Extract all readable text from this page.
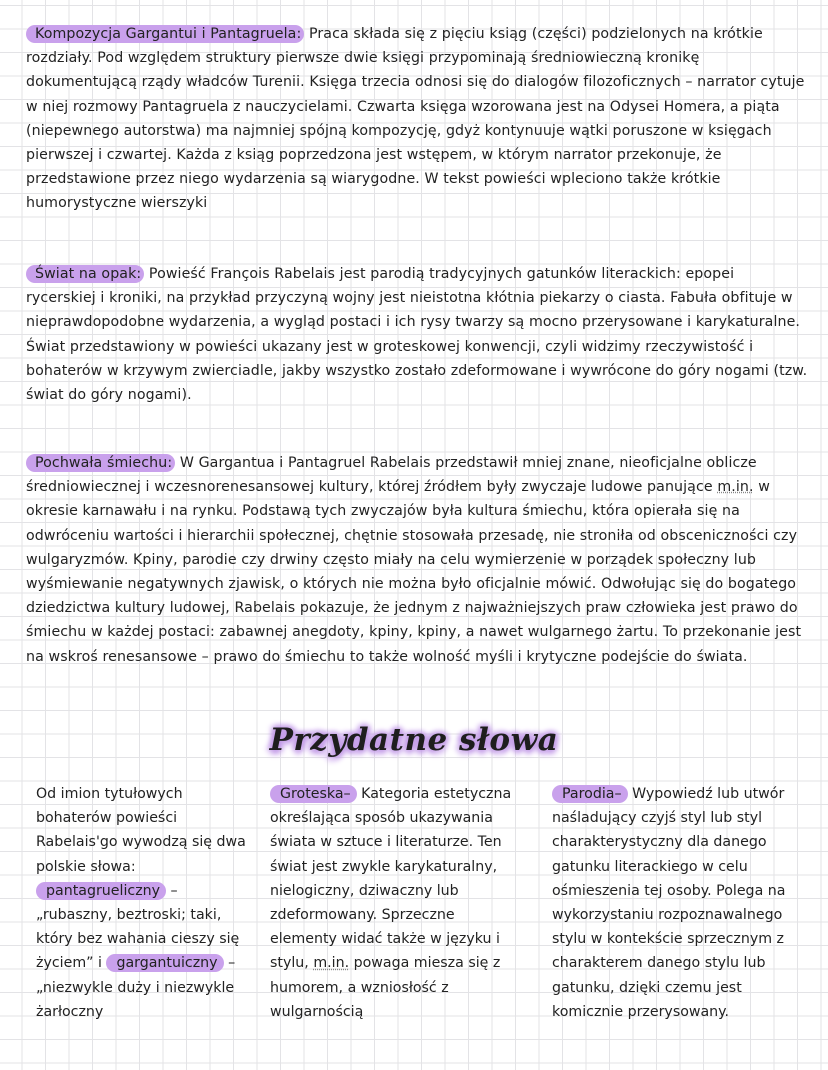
Kompozycja Gargantui i Pantagruela: Praca składa się z pięciu ksiąg (części) podzielonych na krótkie rozdziały. Pod względem struktury pierwsze dwie księgi przypominają średniowieczną kronikę dokumentującą rządy władców Turenii. Księga trzecia odnosi się do dialogów filozoficznych – narrator cytuje w niej rozmowy Pantagruela z nauczycielami. Czwarta księga wzorowana jest na Odysei Homera, a piąta (niepewnego autorstwa) ma najmniej spójną kompozycję, gdyż kontynuuje wątki poruszone w księgach pierwszej i czwartej. Każda z ksiąg poprzedzona jest wstępem, w którym narrator przekonuje, że przedstawione przez niego wydarzenia są wiarygodne. W tekst powieści wpleciono także krótkie humorystyczne wierszyki
Świat na opak: Powieść François Rabelais jest parodią tradycyjnych gatunków literackich: epopei rycerskiej i kroniki, na przykład przyczyną wojny jest nieistotna kłótnia piekarzy o ciasta. Fabuła obfituje w nieprawdopodobne wydarzenia, a wygląd postaci i ich rysy twarzy są mocno przerysowane i karykaturalne. Świat przedstawiony w powieści ukazany jest w groteskowej konwencji, czyli widzimy rzeczywistość i bohaterów w krzywym zwierciadle, jakby wszystko zostało zdeformowane i wywrócone do góry nogami (tzw. świat do góry nogami).
Pochwała śmiechu: W Gargantua i Pantagruel Rabelais przedstawił mniej znane, nieoficjalne oblicze średniowiecznej i wczesnorenesansowej kultury, której źródłem były zwyczaje ludowe panujące m.in. w okresie karnawału i na rynku. Podstawą tych zwyczajów była kultura śmiechu, która opierała się na odwróceniu wartości i hierarchii społecznej, chętnie stosowała przesadę, nie stroniła od obsceniczności czy wulgaryzmów. Kpiny, parodie czy drwiny często miały na celu wymierzenie w porządek społeczny lub wyśmiewanie negatywnych zjawisk, o których nie można było oficjalnie mówić. Odwołując się do bogatego dziedzictwa kultury ludowej, Rabelais pokazuje, że jednym z najważniejszych praw człowieka jest prawo do śmiechu w każdej postaci: zabawnej anegdoty, kpiny, kpiny, a nawet wulgarnego żartu. To przekonanie jest na wskroś renesansowe – prawo do śmiechu to także wolność myśli i krytyczne podejście do świata.
Przydatne słowa
Od imion tytułowych bohaterów powieści Rabelais'go wywodzą się dwa polskie słowa: pantagrueliczny – „rubaszny, beztroski; taki, który bez wahania cieszy się życiem” i gargantuiczny – „niezwykle duży i niezwykle żarłoczny
Groteska– Kategoria estetyczna określająca sposób ukazywania świata w sztuce i literaturze. Ten świat jest zwykle karykaturalny, nielogiczny, dziwaczny lub zdeformowany. Sprzeczne elementy widać także w języku i stylu, m.in. powaga miesza się z humorem, a wzniosłość z wulgarnością
Parodia– Wypowiedź lub utwór naśladujący czyjś styl lub styl charakterystyczny dla danego gatunku literackiego w celu ośmieszenia tej osoby. Polega na wykorzystaniu rozpoznawalnego stylu w kontekście sprzecznym z charakterem danego stylu lub gatunku, dzięki czemu jest komicznie przerysowany.
